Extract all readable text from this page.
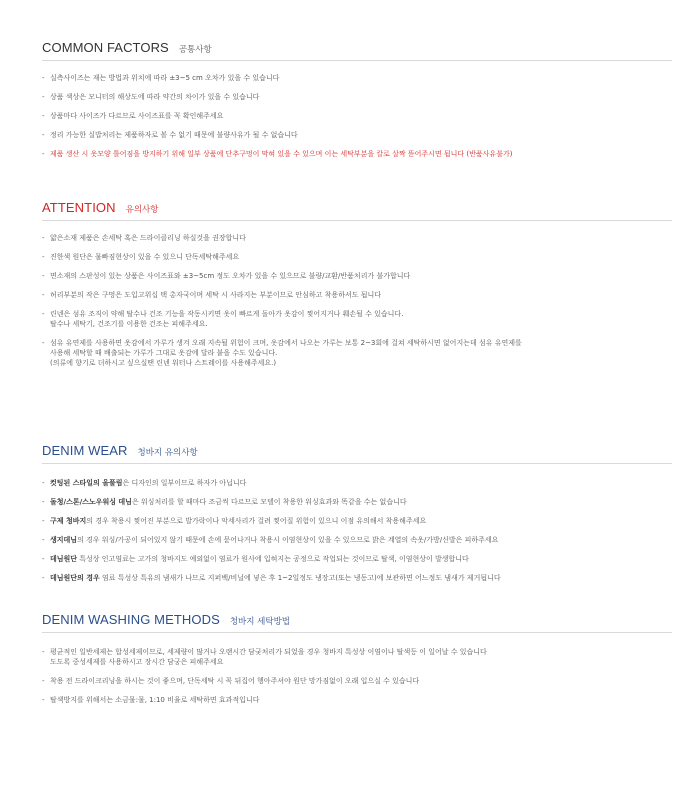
COMMON FACTORS 공통사항
- 실측사이즈는 재는 방법과 위치에 따라 ±3~5 cm 오차가 있을 수 있습니다
- 상품 색상은 모니터의 해상도에 따라 약간의 차이가 있을 수 있습니다
- 상품마다 사이즈가 다르므로 사이즈표를 꼭 확인해주세요
- 정리 가능한 실밥처리는 제품하자로 볼 수 없기 때문에 불량사유가 될 수 없습니다
- 제품 생산 시 옷모양 틀어짐을 방지하기 위해 일부 상품에 단추구멍이 막혀 있을 수 있으며 이는 세탁부분을 칼로 살짝 뜯어주시면 됩니다 (반품사유불가)
ATTENTION 유의사항
- 얇은소재 제품은 손세탁 혹은 드라이클리닝 하실것을 권장합니다
- 진한색 원단은 물빠짐현상이 있을 수 있으니 단독세탁해주세요
- 면소재의 스판성이 있는 상품은 사이즈표와 ±3~5cm 정도 오차가 있을 수 있으므로 불량/교환/반품처리가 불가합니다
- 허리부분의 작은 구멍은 도입고위십 택 총자국이며 세탁 시 사라지는 부분이므로 안심하고 착용하셔도 됩니다
- 린넨은 섬유 조직이 약해 탈수나 건조 기능을 작동시키면 옷이 빠르게 돌아가 옷감이 찢어지거나 훼손될 수 있습니다.
탈수나 세탁기, 건조기를 이용한 건조는 피해주세요.
- 섬유 유연제를 사용하면 옷감에서 가루가 생겨 오래 지속될 위험이 크며, 옷감에서 나오는 가루는 보통 2~3회에 걸쳐 세탁하시면 없어지는데 섬유 유연제를
사용해 세탁할 때 배출되는 가루가 그대로 옷감에 달라 붙을 수도 있습니다.
(의류에 향기로 더하시고 싶으실땐 린넨 워터나 스트레이를 사용해주세요.)
DENIM WEAR 청바지 유의사항
- 컷팅된 스타일의 올풀림은 디자인의 일부이므로 하자가 아닙니다
- 돌청/스톤/스노우워싱 데님은 워싱처리를 할 때마다 조금씩 다르므로 모델이 착용한 워싱효과와 똑같을 수는 없습니다
- 구제 청바지의 경우 착용시 찢어진 부분으로 발가락이나 악세사리가 걸려 찢어질 위험이 있으니 이점 유의해서 착용해주세요
- 생지데님의 경우 워싱/가공이 되어있지 않기 때문에 손에 묻어나거나 착용시 이염현상이 있을 수 있으므로 밝은 계열의 속옷/가방/신발은 피하주세요
- 데님원단 특성상 인고염료는 고가의 청바지도 예외없이 염료가 원사에 입혀지는 공정으로 작업되는 것이므로 탈색, 이염현상이 발생합니다
- 데님원단의 경우 염료 특성상 특유의 냄새가 나므로 지퍼백/비닐에 넣은 후 1~2일정도 냉장고(또는 냉동고)에 보관하면 어느정도 냄새가 제거됩니다
DENIM WASHING METHODS 청바지 세탁방법
- 평균적인 일반세제는 합성세제이므로, 세제량이 많거나 오랜시간 담궂처리가 되었을 경우 청바지 특성상 이염이나 탈색등 이 일어날 수 있습니다
도도록 중성세제를 사용하시고 장시간 담궁은 피해주세요
- 착용 전 드라이크리닝을 하시는 것이 좋으며, 단독세탁 시 꼭 뒤집어 헹아주셔야 원단 망가짐없이 오래 입으실 수 있습니다
- 탈색방지를 위해서는 소금물:물, 1:10 비율로 세탁하면 효과적입니다
